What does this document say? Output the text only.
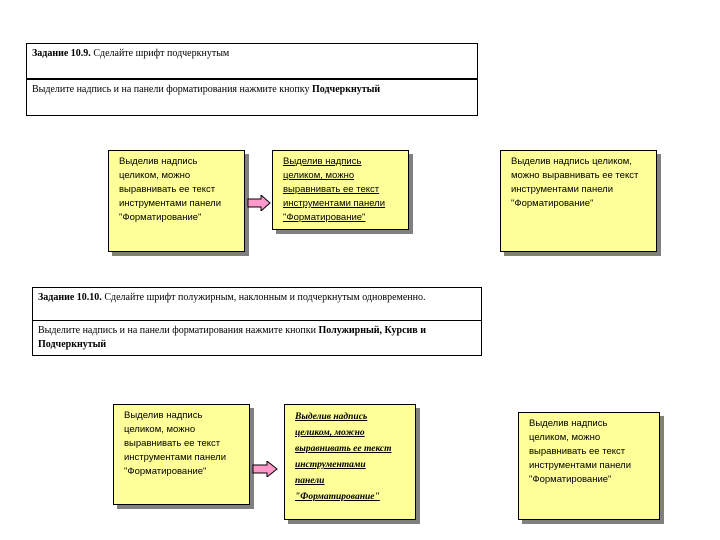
Задание 10.9. Сделайте шрифт подчеркнутым
Выделите надпись и на панели форматирования нажмите кнопку Подчеркнутый
Выделив надпись
целиком, можно
выравнивать ее текст
инструментами панели
"Форматирование"
Выделив надпись
целиком, можно
выравнивать ее текст
инструментами панели
"Форматирование"
Выделив надпись целиком, можно выравнивать ее текст инструментами панели "Форматирование"
Задание 10.10. Сделайте шрифт полужирным, наклонным и подчеркнутым одновременно.
Выделите надпись и на панели форматирования нажмите кнопки Полужирный, Курсив и Подчеркнутый
Выделив надпись
целиком, можно
выравнивать ее текст
инструментами панели
"Форматирование"
Выделив надпись
целиком, можно
выравнивать ее текст
инструментами
панели
"Форматирование"
Выделив надпись
целиком, можно
выравнивать ее текст
инструментами панели
"Форматирование"
